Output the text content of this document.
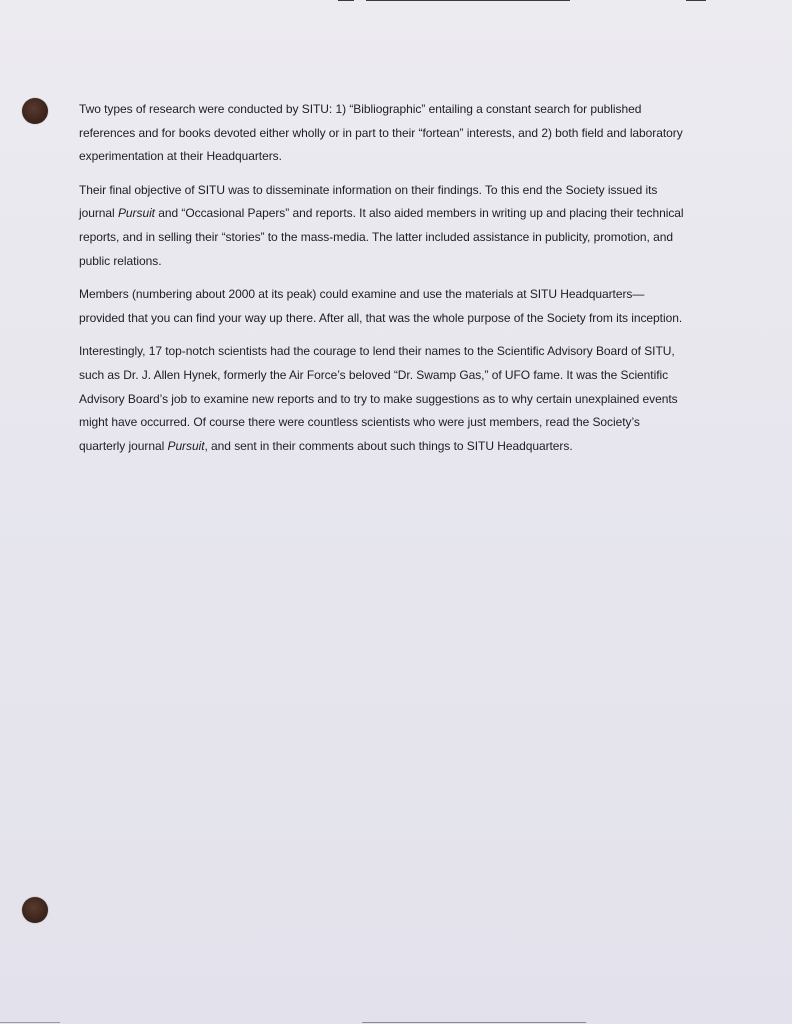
Two types of research were conducted by SITU: 1) “Bibliographic” entailing a constant search for published references and for books devoted either wholly or in part to their “fortean” interests, and 2) both field and laboratory experimentation at their Headquarters.

Their final objective of SITU was to disseminate information on their findings. To this end the Society issued its journal Pursuit and “Occasional Papers” and reports. It also aided members in writing up and placing their technical reports, and in selling their “stories” to the mass-media. The latter included assistance in publicity, promotion, and public relations.

Members (numbering about 2000 at its peak) could examine and use the materials at SITU Headquarters—provided that you can find your way up there. After all, that was the whole purpose of the Society from its inception.

Interestingly, 17 top-notch scientists had the courage to lend their names to the Scientific Advisory Board of SITU, such as Dr. J. Allen Hynek, formerly the Air Force’s beloved “Dr. Swamp Gas,” of UFO fame. It was the Scientific Advisory Board’s job to examine new reports and to try to make suggestions as to why certain unexplained events might have occurred. Of course there were countless scientists who were just members, read the Society’s quarterly journal Pursuit, and sent in their comments about such things to SITU Headquarters.
